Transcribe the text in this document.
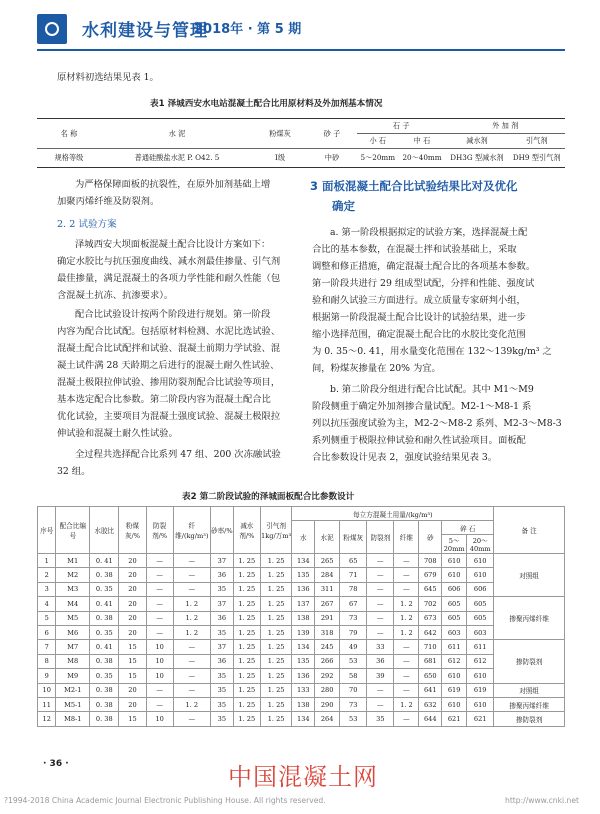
水利建设与管理
2018年 · 第 5 期
原材料初选结果见表 1。
表1 泽城西安水电站混凝土配合比用原材料及外加剂基本情况
名 称	水 泥	粉煤灰	砂 子	石 子		外 加 剂	
				小 石	中 石	减水剂	引气剂
规格等级	普通硅酸盐水泥 P. O42. 5	Ⅰ级	中砂	5～20mm	20～40mm	DH3G 型减水剂	DH9 型引气剂
为严格保障面板的抗裂性，在原外加剂基础上增
加聚丙烯纤维及防裂剂。
2. 2 试验方案
泽城西安大坝面板混凝土配合比设计方案如下：
确定水胶比与抗压强度曲线、减水剂最佳掺量、引气剂
最佳掺量，满足混凝土的各项力学性能和耐久性能（包
含混凝土抗冻、抗渗要求）。
配合比试验设计按两个阶段进行规划。第一阶段
内容为配合比试配。包括原材料检测、水泥比选试验、
混凝土配合比试配拌和试验、混凝土前期力学试验、混
凝土试件满 28 天龄期之后进行的混凝土耐久性试验、
混凝土极限拉伸试验、掺用防裂剂配合比试验等项目，
基本选定配合比参数。第二阶段内容为混凝土配合比
优化试验，主要项目为混凝土强度试验、混凝土极限拉
伸试验和混凝土耐久性试验。
全过程共选择配合比系列 47 组、200 次冻融试验
32 组。
3 面板混凝土配合比试验结果比对及优化
确定
a. 第一阶段根据拟定的试验方案，选择混凝土配
合比的基本参数，在混凝土拌和试验基础上，采取
调整和修正措施，确定混凝土配合比的各项基本参数。
第一阶段共进行 29 组成型试配，分拌和性能、强度试
验和耐久试验三方面进行。成立质量专家研判小组，
根据第一阶段混凝土配合比设计的试验结果，进一步
缩小选择范围，确定混凝土配合比的水胶比变化范围
为 0. 35～0. 41，用水量变化范围在 132～139kg/m³ 之
间，粉煤灰掺量在 20% 为宜。
b. 第二阶段分组进行配合比试配。其中 M1～M9
阶段侧重于确定外加剂掺合量试配。M2-1～M8-1 系
列以抗压强度试验为主，M2-2～M8-2 系列、M2-3～M8-3
系列侧重于极限拉伸试验和耐久性试验项目。面板配
合比参数设计见表 2，强度试验结果见表 3。
表2 第二阶段试验的泽城面板配合比参数设计
序号	配合比编号	水胶比	粉煤灰/%	防裂剂/%	纤维/(kg/m³)	砂率/%	减水剂/%	引气剂1kg/万m³	每立方混凝土用量/(kg/m³)								备 注
									水	水泥	粉煤灰	防裂剂	纤维	砂	碎 石		
															5～20mm	20～40mm	
1	M1	0. 41	20	—	—	37	1. 25	1. 25	134	265	65	—	—	708	610	610	对照组
2	M2	0. 38	20	—	—	36	1. 25	1. 25	135	284	71	—	—	679	610	610	
3	M3	0. 35	20	—	—	35	1. 25	1. 25	136	311	78	—	—	645	606	606	
4	M4	0. 41	20	—	1. 2	37	1. 25	1. 25	137	267	67	—	1. 2	702	605	605	掺聚丙烯纤维
5	M5	0. 38	20	—	1. 2	36	1. 25	1. 25	138	291	73	—	1. 2	673	605	605	
6	M6	0. 35	20	—	1. 2	35	1. 25	1. 25	139	318	79	—	1. 2	642	603	603	
7	M7	0. 41	15	10	—	37	1. 25	1. 25	134	245	49	33	—	710	611	611	掺防裂剂
8	M8	0. 38	15	10	—	36	1. 25	1. 25	135	266	53	36	—	681	612	612	
9	M9	0. 35	15	10	—	35	1. 25	1. 25	136	292	58	39	—	650	610	610	
10	M2-1	0. 38	20	—	—	35	1. 25	1. 25	133	280	70	—	—	641	619	619	对照组
11	M5-1	0. 38	20	—	1. 2	35	1. 25	1. 25	138	290	73	—	1. 2	632	610	610	掺聚丙烯纤维
12	M8-1	0. 38	15	10	—	35	1. 25	1. 25	134	264	53	35	—	644	621	621	掺防裂剂
· 36 ·	中国混凝土网
?1994-2018 China Academic Journal Electronic Publishing House. All rights reserved.	http://www.cnki.net
